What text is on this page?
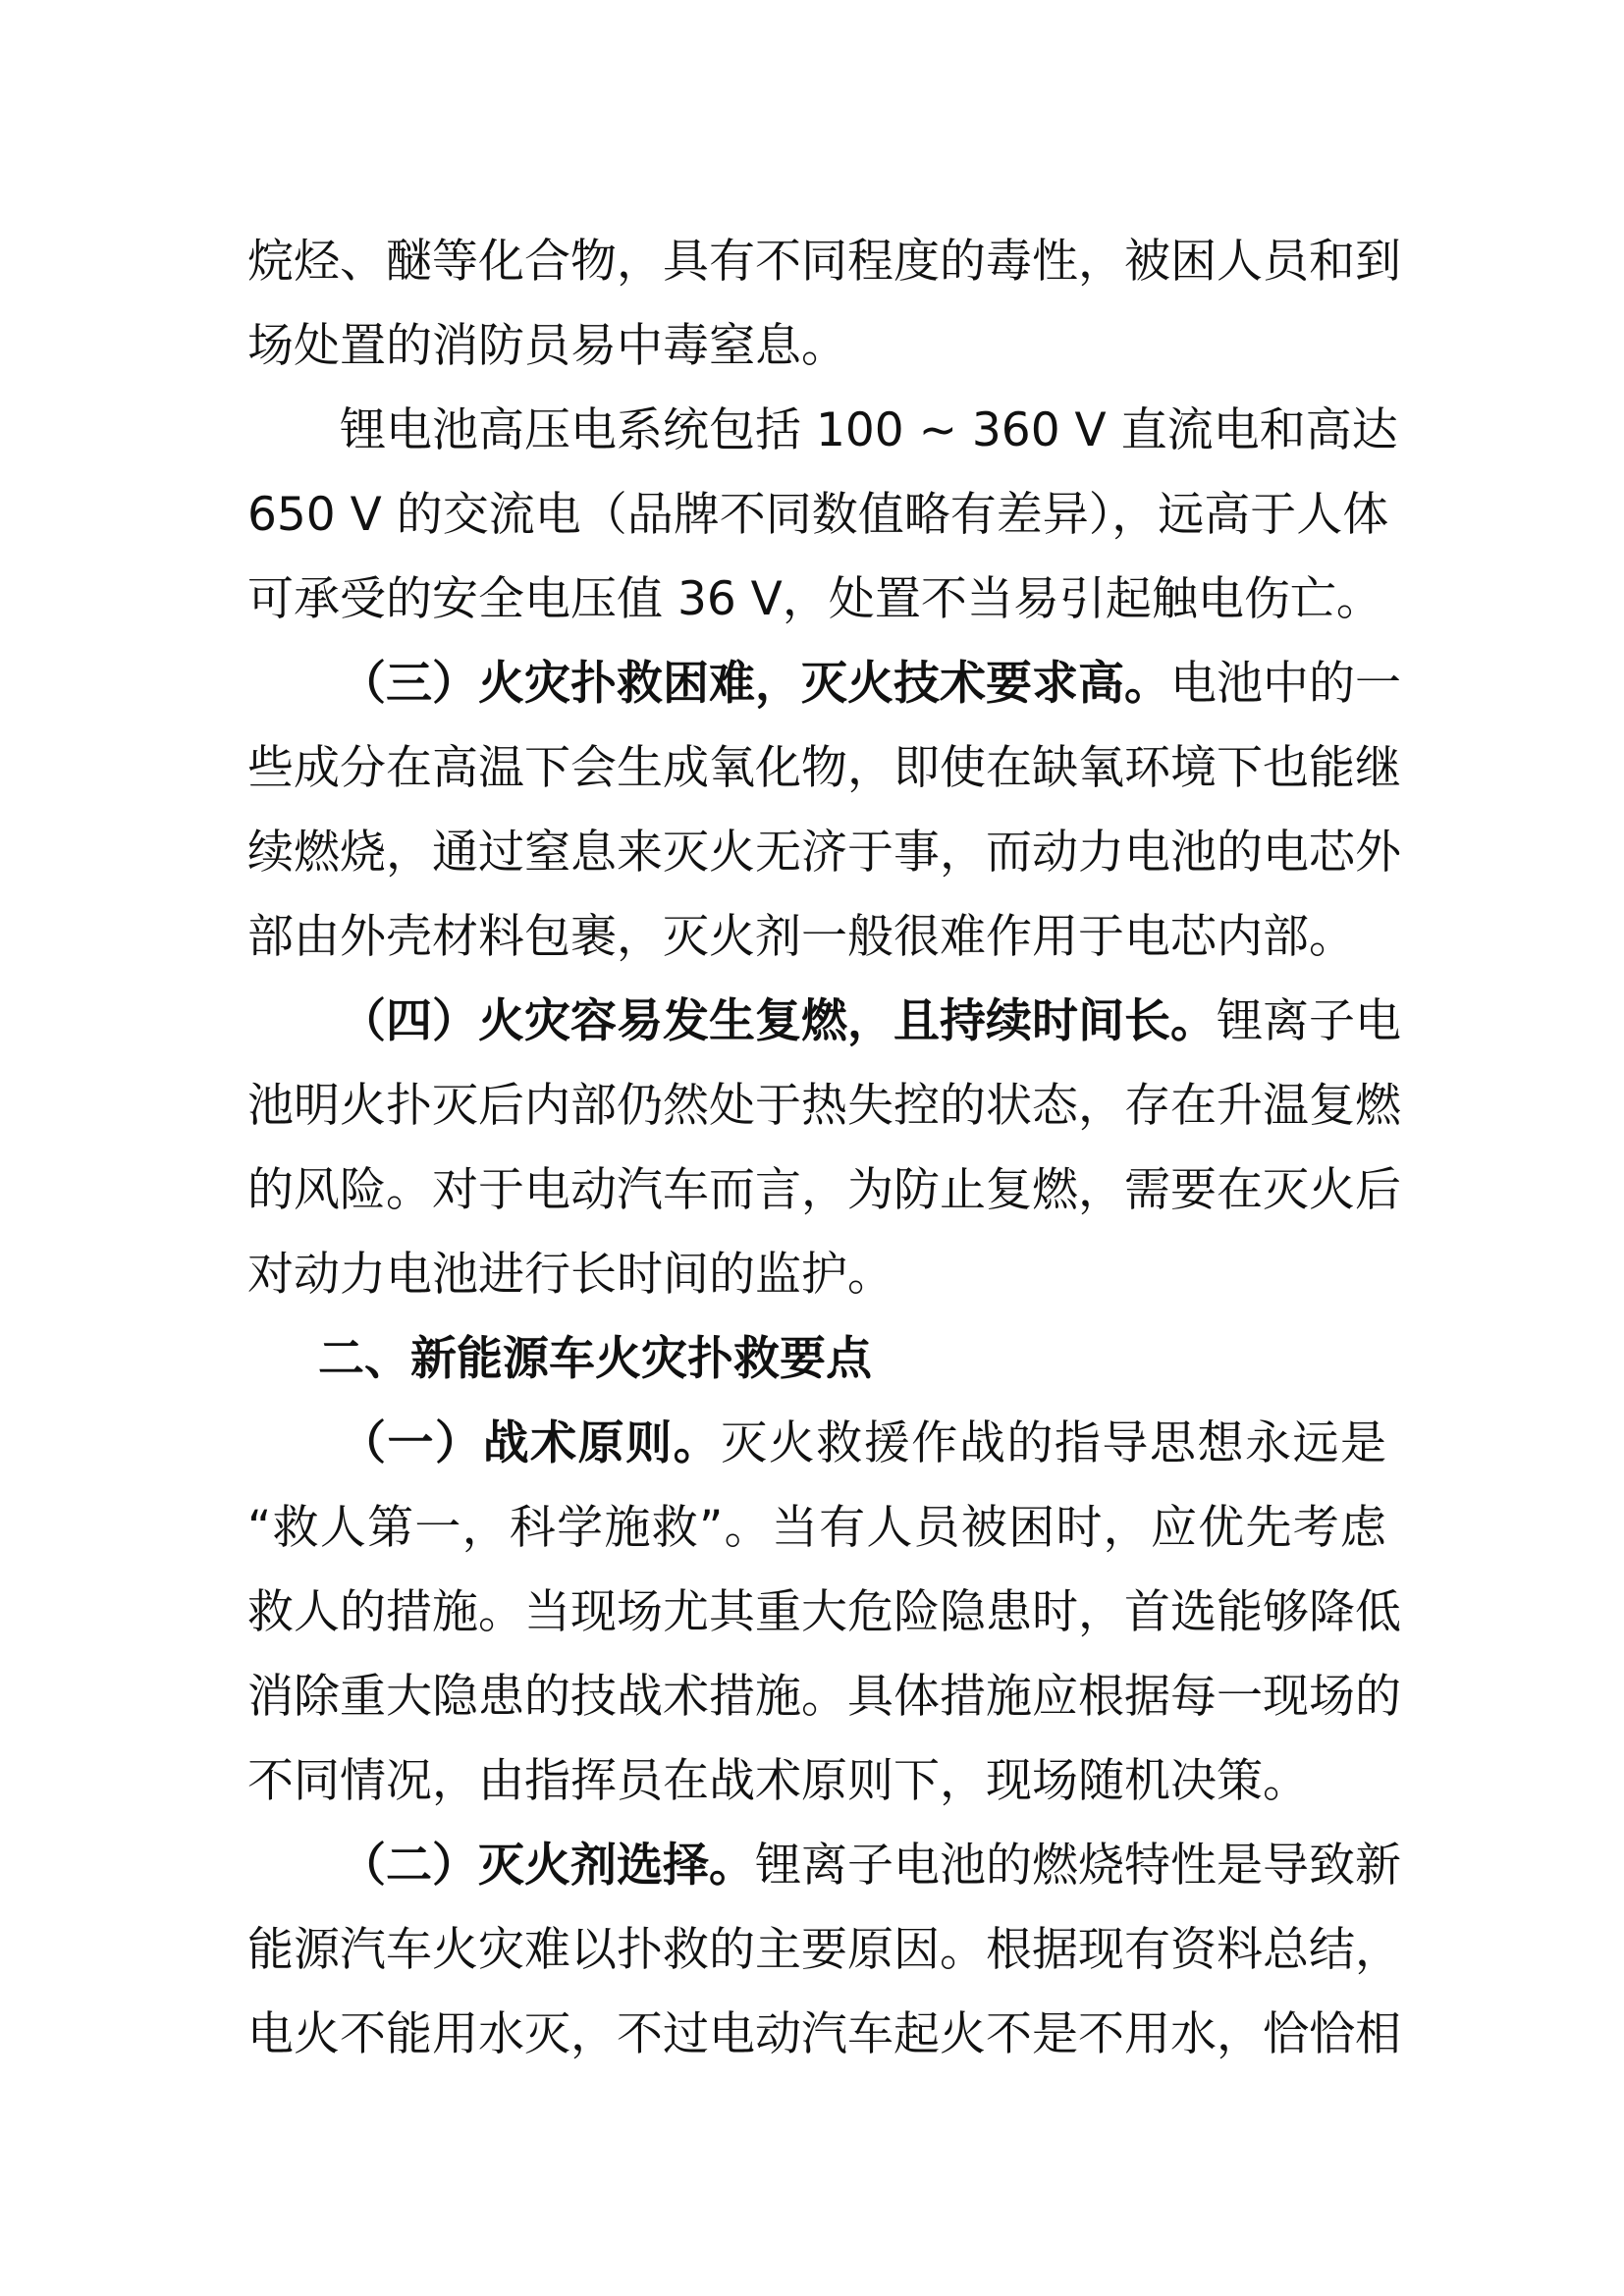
烷烃、醚等化合物，具有不同程度的毒性，被困人员和到
场处置的消防员易中毒窒息。
锂电池高压电系统包括 100 ~ 360 V 直流电和高达
650 V 的交流电（品牌不同数值略有差异），远高于人体
可承受的安全电压值 36 V，处置不当易引起触电伤亡。
（三）火灾扑救困难，灭火技术要求高。电池中的一
些成分在高温下会生成氧化物，即使在缺氧环境下也能继
续燃烧，通过窒息来灭火无济于事，而动力电池的电芯外
部由外壳材料包裹，灭火剂一般很难作用于电芯内部。
（四）火灾容易发生复燃，且持续时间长。锂离子电
池明火扑灭后内部仍然处于热失控的状态，存在升温复燃
的风险。对于电动汽车而言，为防止复燃，需要在灭火后
对动力电池进行长时间的监护。
二、新能源车火灾扑救要点
（一）战术原则。灭火救援作战的指导思想永远是
“救人第一，科学施救”。当有人员被困时，应优先考虑
救人的措施。当现场尤其重大危险隐患时，首选能够降低
消除重大隐患的技战术措施。具体措施应根据每一现场的
不同情况，由指挥员在战术原则下，现场随机决策。
（二）灭火剂选择。锂离子电池的燃烧特性是导致新
能源汽车火灾难以扑救的主要原因。根据现有资料总结，
电火不能用水灭，不过电动汽车起火不是不用水，恰恰相
